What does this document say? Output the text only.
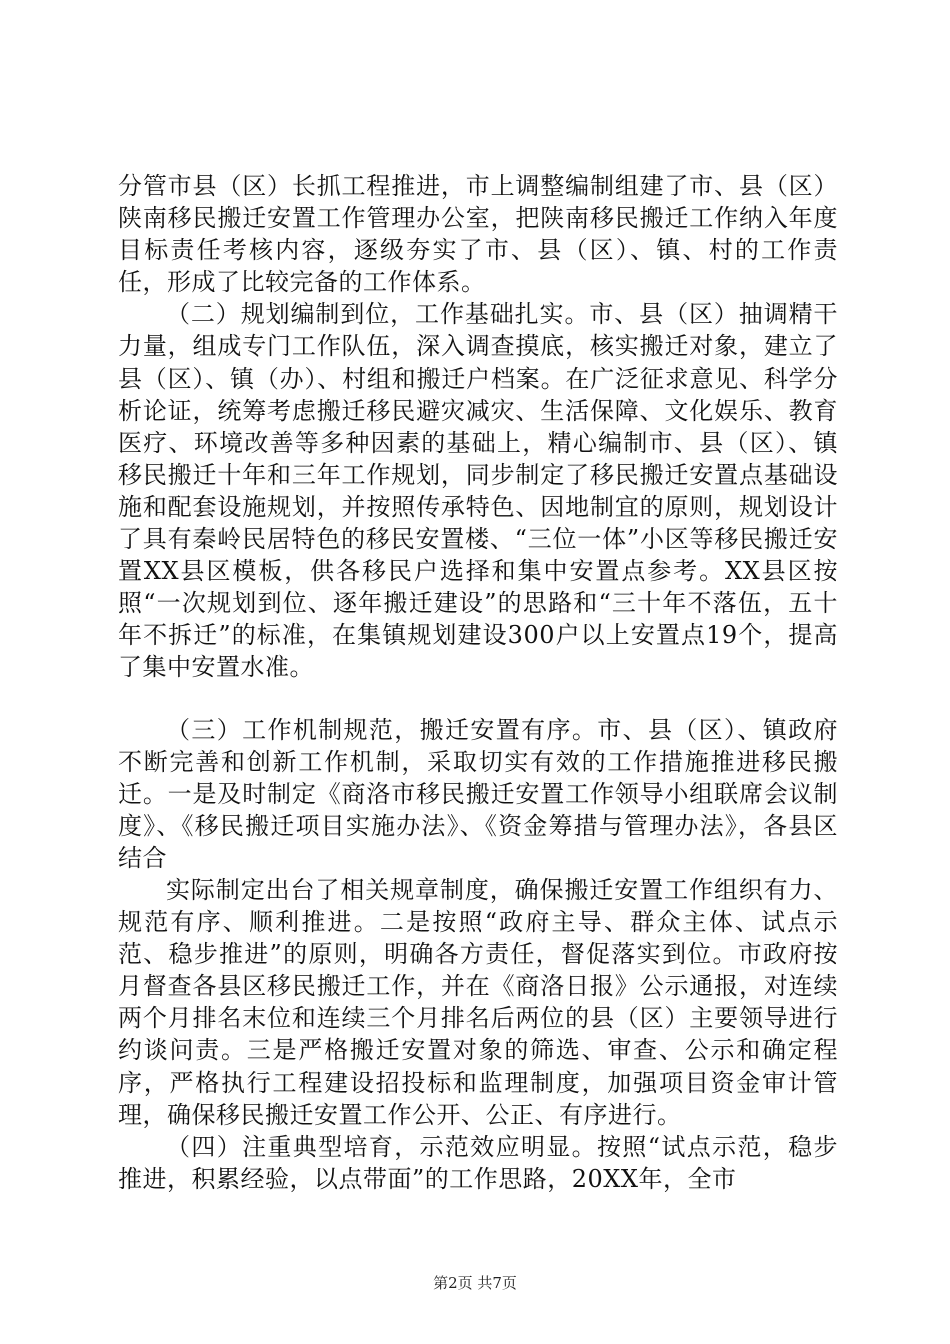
分管市县（区）长抓工程推进，市上调整编制组建了市、县（区）陕南移民搬迁安置工作管理办公室，把陕南移民搬迁工作纳入年度目标责任考核内容，逐级夯实了市、县（区）、镇、村的工作责任，形成了比较完备的工作体系。

（二）规划编制到位，工作基础扎实。市、县（区）抽调精干力量，组成专门工作队伍，深入调查摸底，核实搬迁对象，建立了县（区）、镇（办）、村组和搬迁户档案。在广泛征求意见、科学分析论证，统筹考虑搬迁移民避灾减灾、生活保障、文化娱乐、教育医疗、环境改善等多种因素的基础上，精心编制市、县（区）、镇移民搬迁十年和三年工作规划，同步制定了移民搬迁安置点基础设施和配套设施规划，并按照传承特色、因地制宜的原则，规划设计了具有秦岭民居特色的移民安置楼、“三位一体”小区等移民搬迁安置XX县区模板，供各移民户选择和集中安置点参考。XX县区按照“一次规划到位、逐年搬迁建设”的思路和“三十年不落伍，五十年不拆迁”的标准，在集镇规划建设300户以上安置点19个，提高了集中安置水准。

（三）工作机制规范，搬迁安置有序。市、县（区）、镇政府不断完善和创新工作机制，采取切实有效的工作措施推进移民搬迁。一是及时制定《商洛市移民搬迁安置工作领导小组联席会议制度》、《移民搬迁项目实施办法》、《资金筹措与管理办法》，各县区结合

实际制定出台了相关规章制度，确保搬迁安置工作组织有力、规范有序、顺利推进。二是按照“政府主导、群众主体、试点示范、稳步推进”的原则，明确各方责任，督促落实到位。市政府按月督查各县区移民搬迁工作，并在《商洛日报》公示通报，对连续两个月排名末位和连续三个月排名后两位的县（区）主要领导进行约谈问责。三是严格搬迁安置对象的筛选、审查、公示和确定程序，严格执行工程建设招投标和监理制度，加强项目资金审计管理，确保移民搬迁安置工作公开、公正、有序进行。

（四）注重典型培育，示范效应明显。按照“试点示范，稳步推进，积累经验，以点带面”的工作思路，20XX年，全市

第2页 共7页
